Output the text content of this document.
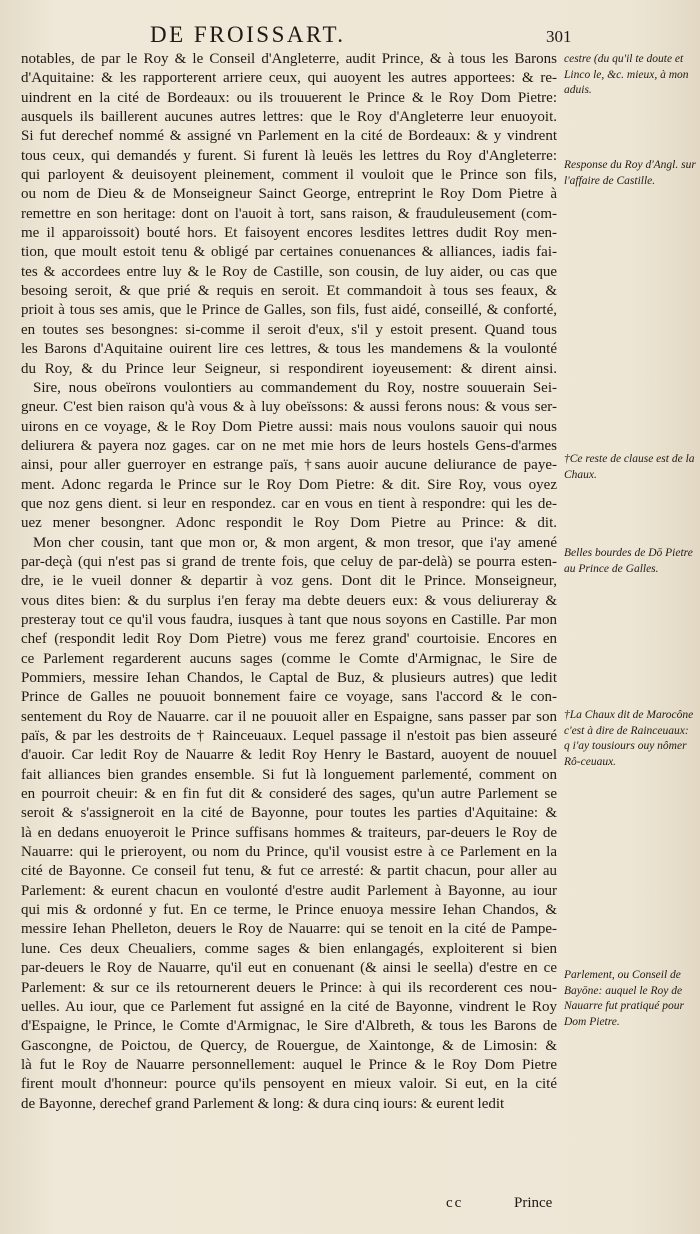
DE FROISSART.	301
notables, de par le Roy & le Conseil d'Angleterre, audit Prince, & à tous les Barons
d'Aquitaine: & les rapporterent arriere ceux, qui auoyent les autres apportees: & re-
uindrent en la cité de Bordeaux: ou ils trouuerent le Prince & le Roy Dom Pietre:
ausquels ils baillerent aucunes autres lettres: que le Roy d'Angleterre leur enuoyoit.
Si fut derechef nommé & assigné vn Parlement en la cité de Bordeaux: & y vindrent
tous ceux, qui demandés y furent. Si furent là leuës les lettres du Roy d'Angleterre:
qui parloyent & deuisoyent pleinement, comment il vouloit que le Prince son fils,
ou nom de Dieu & de Monseigneur Sainct George, entreprint le Roy Dom Pietre à
remettre en son heritage: dont on l'auoit à tort, sans raison, & frauduleusement (com-
me il apparoissoit) bouté hors. Et faisoyent encores lesdites lettres dudit Roy men-
tion, que moult estoit tenu & obligé par certaines conuenances & alliances, iadis fai-
tes & accordees entre luy & le Roy de Castille, son cousin, de luy aider, ou cas que
besoing seroit, & que prié & requis en seroit. Et commandoit à tous ses feaux, &
prioit à tous ses amis, que le Prince de Galles, son fils, fust aidé, conseillé, & conforté,
en toutes ses besongnes: si-comme il seroit d'eux, s'il y estoit present. Quand tous
les Barons d'Aquitaine ouirent lire ces lettres, & tous les mandemens & la voulonté
du Roy, & du Prince leur Seigneur, si respondirent ioyeusement: & dirent ainsi.
Sire, nous obeïrons voulontiers au commandement du Roy, nostre souuerain Sei-
gneur. C'est bien raison qu'à vous & à luy obeïssons: & aussi ferons nous: & vous ser-
uirons en ce voyage, & le Roy Dom Pietre aussi: mais nous voulons sauoir qui nous
deliurera & payera noz gages. car on ne met mie hors de leurs hostels Gens-d'armes
ainsi, pour aller guerroyer en estrange païs, †sans auoir aucune deliurance de paye-
ment. Adonc regarda le Prince sur le Roy Dom Pietre: & dit. Sire Roy, vous oyez
que noz gens dient. si leur en respondez. car en vous en tient à respondre: qui les de-
uez mener besongner. Adonc respondit le Roy Dom Pietre au Prince: & dit.
Mon cher cousin, tant que mon or, & mon argent, & mon tresor, que i'ay amené
par-deçà (qui n'est pas si grand de trente fois, que celuy de par-delà) se pourra esten-
dre, ie le vueil donner & departir à voz gens. Dont dit le Prince. Monseigneur,
vous dites bien: & du surplus i'en feray ma debte deuers eux: & vous deliureray &
presteray tout ce qu'il vous faudra, iusques à tant que nous soyons en Castille. Par mon
chef (respondit ledit Roy Dom Pietre) vous me ferez grand' courtoisie. Encores en
ce Parlement regarderent aucuns sages (comme le Comte d'Armignac, le Sire de
Pommiers, messire Iehan Chandos, le Captal de Buz, & plusieurs autres) que ledit
Prince de Galles ne pouuoit bonnement faire ce voyage, sans l'accord & le con-
sentement du Roy de Nauarre. car il ne pouuoit aller en Espaigne, sans passer par son
païs, & par les destroits de † Rainceuaux. Lequel passage il n'estoit pas bien asseuré
d'auoir. Car ledit Roy de Nauarre & ledit Roy Henry le Bastard, auoyent de nouuel
fait alliances bien grandes ensemble. Si fut là longuement parlementé, comment on
en pourroit cheuir: & en fin fut dit & consideré des sages, qu'un autre Parlement se
seroit & s'assigneroit en la cité de Bayonne, pour toutes les parties d'Aquitaine: &
là en dedans enuoyeroit le Prince suffisans hommes & traiteurs, par-deuers le Roy de
Nauarre: qui le prieroyent, ou nom du Prince, qu'il vousist estre à ce Parlement en la
cité de Bayonne. Ce conseil fut tenu, & fut ce arresté: & partit chacun, pour aller au
Parlement: & eurent chacun en voulonté d'estre audit Parlement à Bayonne, au iour
qui mis & ordonné y fut. En ce terme, le Prince enuoya messire Iehan Chandos, &
messire Iehan Phelleton, deuers le Roy de Nauarre: qui se tenoit en la cité de Pampe-
lune. Ces deux Cheualiers, comme sages & bien enlangagés, exploiterent si bien
par-deuers le Roy de Nauarre, qu'il eut en conuenant (& ainsi le seella) d'estre en ce
Parlement: & sur ce ils retournerent deuers le Prince: à qui ils recorderent ces nou-
uelles. Au iour, que ce Parlement fut assigné en la cité de Bayonne, vindrent le Roy
d'Espaigne, le Prince, le Comte d'Armignac, le Sire d'Albreth, & tous les Barons de
Gascongne, de Poictou, de Quercy, de Rouergue, de Xaintonge, & de Limosin: &
là fut le Roy de Nauarre personnellement: auquel le Prince & le Roy Dom Pietre
firent moult d'honneur: pource qu'ils pensoyent en mieux valoir. Si eut, en la cité
de Bayonne, derechef grand Parlement & long: & dura cinq iours: & eurent ledit
cestre (du qu'il te doute et Linco le, &c. mieux, à mon aduis.
Response du Roy d'Angl. sur l'affaire de Castille.
†Ce reste de clause est de la Chaux.
Belles bourdes de Dō Pietre au Prince de Galles.
†La Chaux dit de Marocône c'est à dire de Rainceuaux: q i'ay tousiours ouy nômer Rô-ceuaux.
Parlement, ou Conseil de Bayōne: auquel le Roy de Nauarre fut pratiqué pour Dom Pietre.
cc	Prince
